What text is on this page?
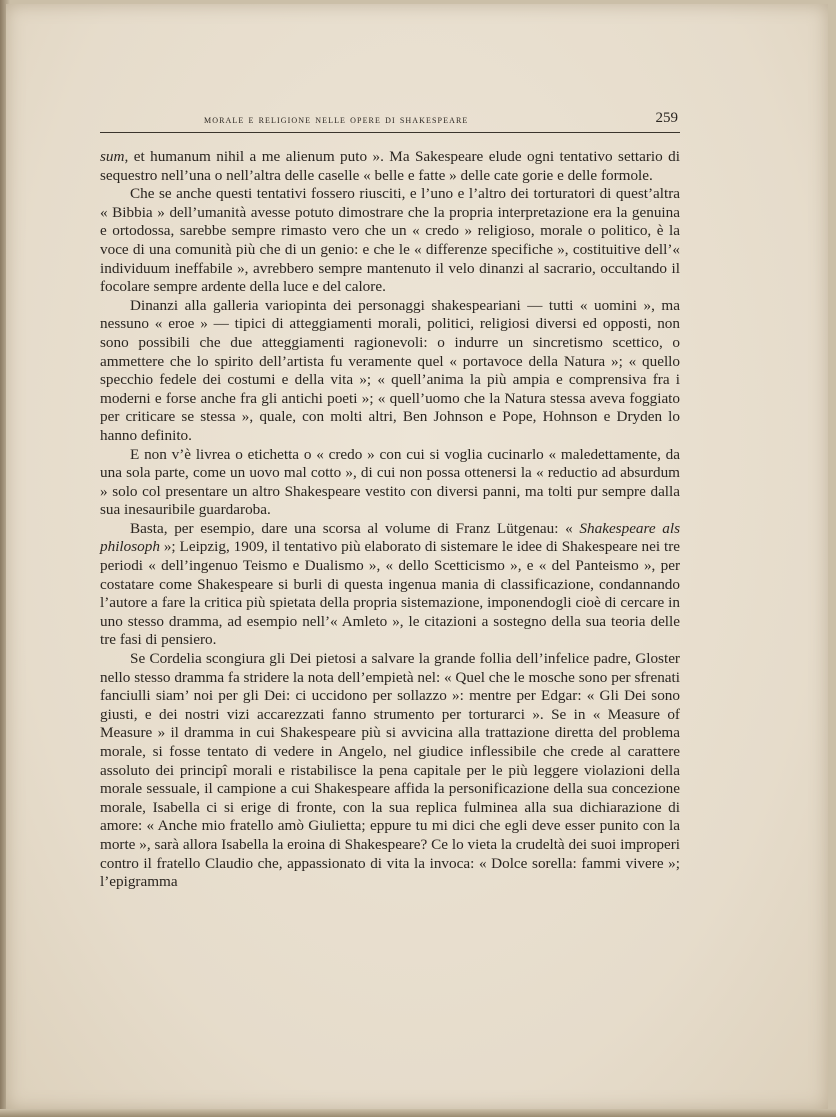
morale e religione nelle opere di shakespeare	259

sum, et humanum nihil a me alienum puto ». Ma Sakespeare elude ogni tentativo settario di sequestro nell’una o nell’altra delle caselle « belle e fatte » delle cate gorie e delle formole.

Che se anche questi tentativi fossero riusciti, e l’uno e l’altro dei torturatori di quest’altra « Bibbia » dell’umanità avesse potuto dimostrare che la propria interpretazione era la genuina e ortodossa, sarebbe sempre rimasto vero che un « credo » religioso, morale o politico, è la voce di una comunità più che di un genio: e che le « differenze specifiche », costituitive dell’« individuum ineffabile », avrebbero sempre mantenuto il velo dinanzi al sacrario, occultando il focolare sempre ardente della luce e del calore.

Dinanzi alla galleria variopinta dei personaggi shakespeariani — tutti « uomini », ma nessuno « eroe » — tipici di atteggiamenti morali, politici, religiosi diversi ed opposti, non sono possibili che due atteggiamenti ragionevoli: o indurre un sincretismo scettico, o ammettere che lo spirito dell’artista fu veramente quel « portavoce della Natura »; « quello specchio fedele dei costumi e della vita »; « quell’anima la più ampia e comprensiva fra i moderni e forse anche fra gli antichi poeti »; « quell’uomo che la Natura stessa aveva foggiato per criticare se stessa », quale, con molti altri, Ben Johnson e Pope, Hohnson e Dryden lo hanno definito.

E non v’è livrea o etichetta o « credo » con cui si voglia cucinarlo « maledettamente, da una sola parte, come un uovo mal cotto », di cui non possa ottenersi la « reductio ad absurdum » solo col presentare un altro Shakespeare vestito con diversi panni, ma tolti pur sempre dalla sua inesauribile guardaroba.

Basta, per esempio, dare una scorsa al volume di Franz Lütgenau: « Shakespeare als philosoph »; Leipzig, 1909, il tentativo più elaborato di sistemare le idee di Shakespeare nei tre periodi « dell’ingenuo Teismo e Dualismo », « dello Scetticismo », e « del Panteismo », per costatare come Shakespeare si burli di questa ingenua mania di classificazione, condannando l’autore a fare la critica più spietata della propria sistemazione, imponendogli cioè di cercare in uno stesso dramma, ad esempio nell’« Amleto », le citazioni a sostegno della sua teoria delle tre fasi di pensiero.

Se Cordelia scongiura gli Dei pietosi a salvare la grande follia dell’infelice padre, Gloster nello stesso dramma fa stridere la nota dell’empietà nel: « Quel che le mosche sono per sfrenati fanciulli siam’ noi per gli Dei: ci uccidono per sollazzo »: mentre per Edgar: « Gli Dei sono giusti, e dei nostri vizi accarezzati fanno strumento per torturarci ». Se in « Measure of Measure » il dramma in cui Shakespeare più si avvicina alla trattazione diretta del problema morale, si fosse tentato di vedere in Angelo, nel giudice inflessibile che crede al carattere assoluto dei principî morali e ristabilisce la pena capitale per le più leggere violazioni della morale sessuale, il campione a cui Shakespeare affida la personificazione della sua concezione morale, Isabella ci si erige di fronte, con la sua replica fulminea alla sua dichiarazione di amore: « Anche mio fratello amò Giulietta; eppure tu mi dici che egli deve esser punito con la morte », sarà allora Isabella la eroina di Shakespeare? Ce lo vieta la crudeltà dei suoi improperi contro il fratello Claudio che, appassionato di vita la invoca: « Dolce sorella: fammi vivere »; l’epigramma
